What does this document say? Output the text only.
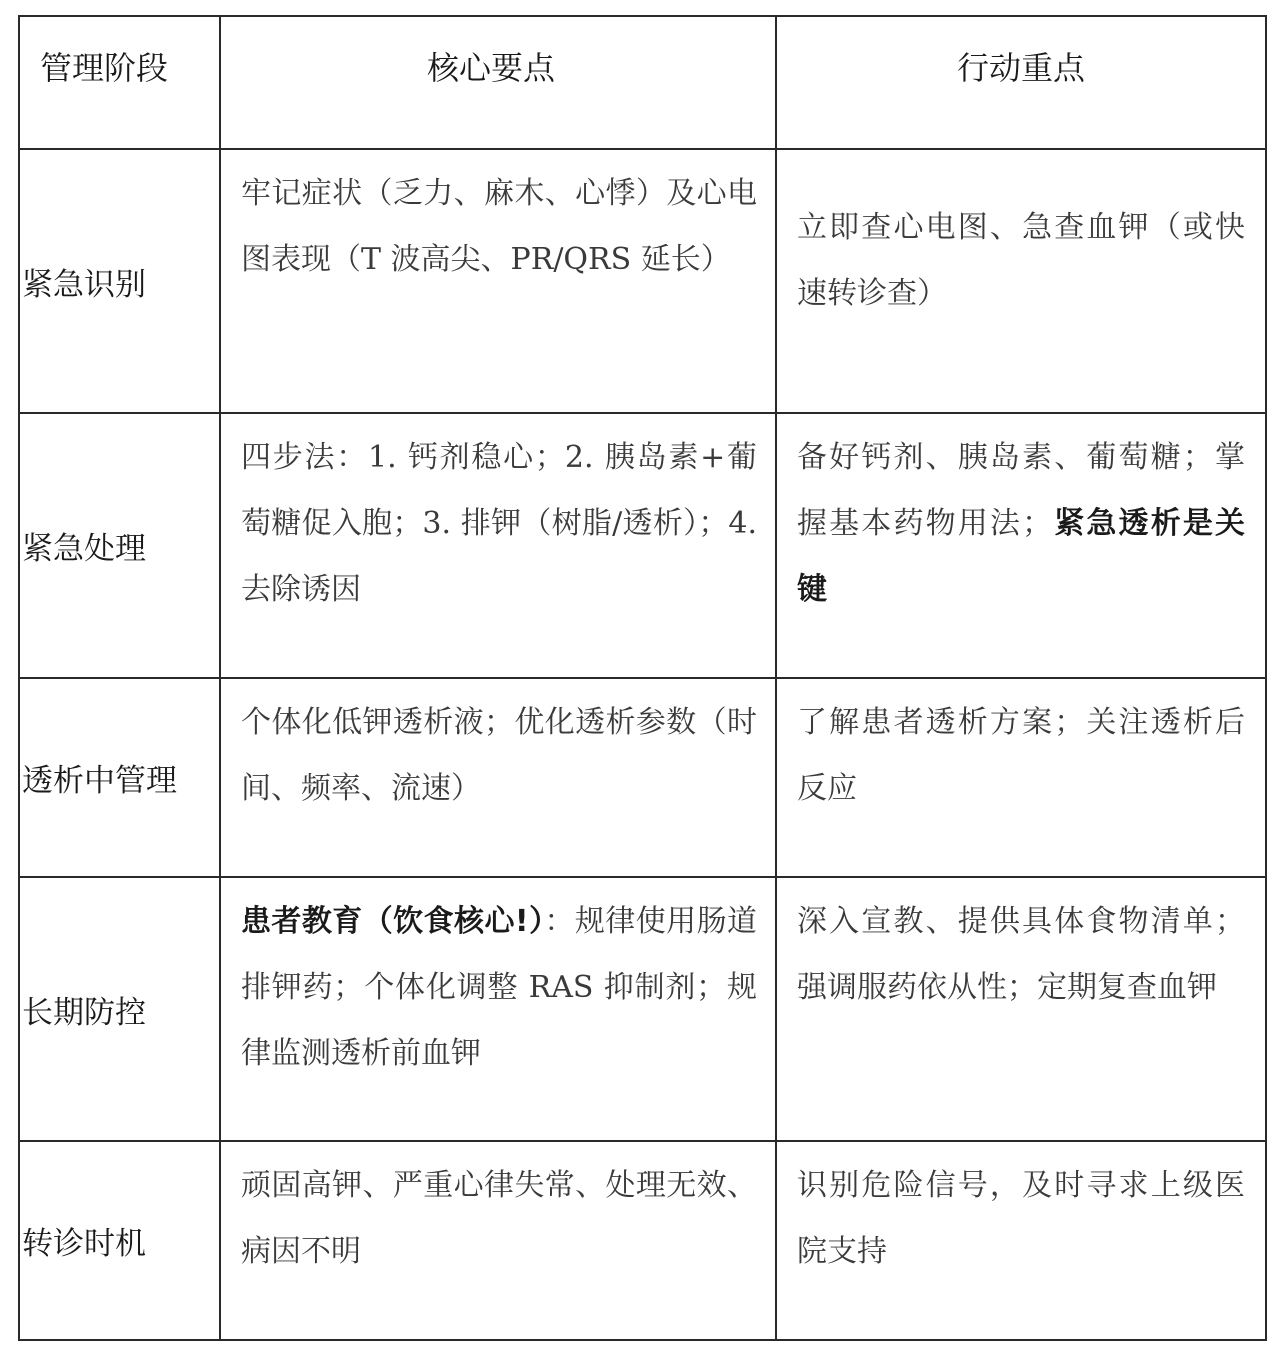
管理阶段	核心要点	行动重点
紧急识别	牢记症状（乏力、麻木、心悸）及心电图表现（T 波高尖、PR/QRS 延长）	立即查心电图、急查血钾（或快速转诊查）
紧急处理	四步法：1. 钙剂稳心；2. 胰岛素+葡萄糖促入胞；3. 排钾（树脂/透析）；4.去除诱因	备好钙剂、胰岛素、葡萄糖；掌握基本药物用法；紧急透析是关键
透析中管理	个体化低钾透析液；优化透析参数（时间、频率、流速）	了解患者透析方案；关注透析后反应
长期防控	患者教育（饮食核心!）：规律使用肠道排钾药；个体化调整 RAS 抑制剂；规律监测透析前血钾	深入宣教、提供具体食物清单；强调服药依从性；定期复查血钾
转诊时机	顽固高钾、严重心律失常、处理无效、病因不明	识别危险信号，及时寻求上级医院支持
